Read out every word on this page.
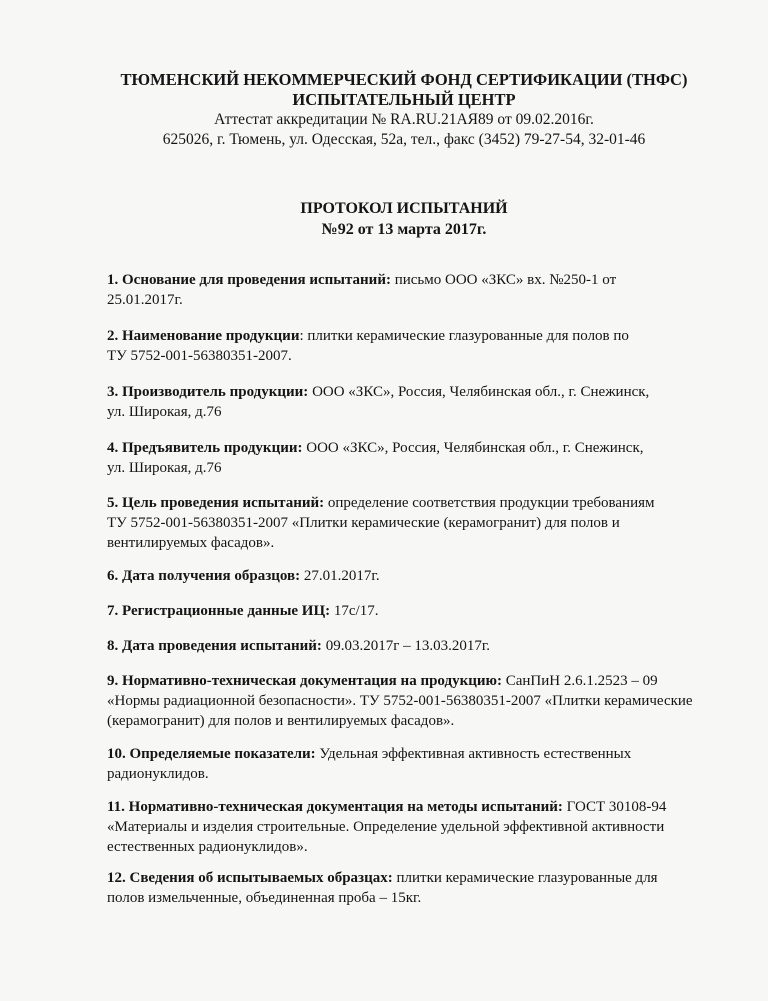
ТЮМЕНСКИЙ НЕКОММЕРЧЕСКИЙ ФОНД СЕРТИФИКАЦИИ (ТНФС)
ИСПЫТАТЕЛЬНЫЙ ЦЕНТР
Аттестат аккредитации № RA.RU.21АЯ89 от 09.02.2016г.
625026, г. Тюмень, ул. Одесская, 52а, тел., факс (3452) 79-27-54, 32-01-46
ПРОТОКОЛ ИСПЫТАНИЙ
№92 от 13 марта 2017г.
1. Основание для проведения испытаний: письмо ООО «ЗКС» вх. №250-1 от
25.01.2017г.
2. Наименование продукции: плитки керамические глазурованные для полов по
ТУ 5752-001-56380351-2007.
3. Производитель продукции: ООО «ЗКС», Россия, Челябинская обл., г. Снежинск,
ул. Широкая, д.76
4. Предъявитель продукции: ООО «ЗКС», Россия, Челябинская обл., г. Снежинск,
ул. Широкая, д.76
5. Цель проведения испытаний: определение соответствия продукции требованиям
ТУ 5752-001-56380351-2007 «Плитки керамические (керамогранит) для полов и
вентилируемых фасадов».
6. Дата получения образцов: 27.01.2017г.
7. Регистрационные данные ИЦ: 17с/17.
8. Дата проведения испытаний: 09.03.2017г – 13.03.2017г.
9. Нормативно-техническая документация на продукцию: СанПиН 2.6.1.2523 – 09
«Нормы радиационной безопасности». ТУ 5752-001-56380351-2007 «Плитки керамические
(керамогранит) для полов и вентилируемых фасадов».
10. Определяемые показатели: Удельная эффективная активность естественных
радионуклидов.
11. Нормативно-техническая документация на методы испытаний: ГОСТ 30108-94
«Материалы и изделия строительные. Определение удельной эффективной активности
естественных радионуклидов».
12. Сведения об испытываемых образцах: плитки керамические глазурованные для
полов измельченные, объединенная проба – 15кг.
